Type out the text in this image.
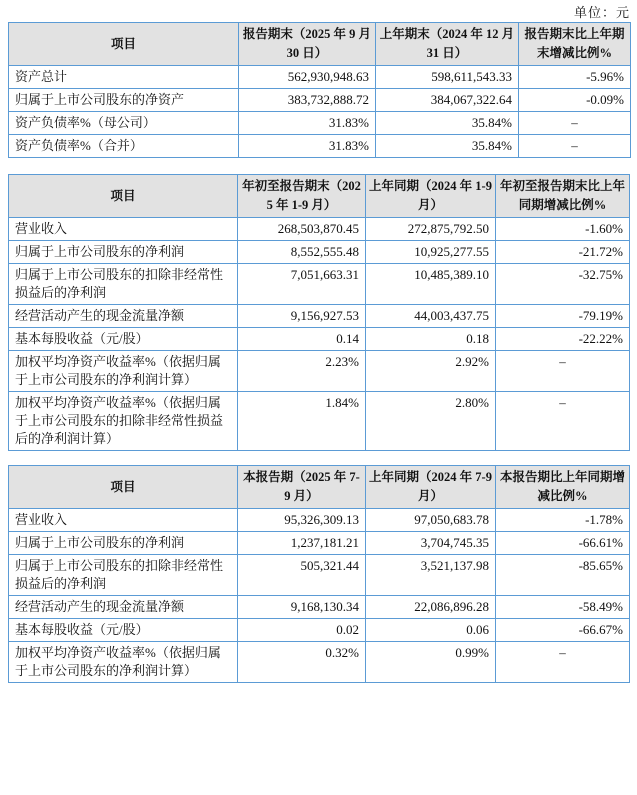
单位：元
项目	报告期末（2025 年 9 月 30 日）	上年期末（2024 年 12 月 31 日）	报告期末比上年期末增减比例%
资产总计	562,930,948.63	598,611,543.33	-5.96%
归属于上市公司股东的净资产	383,732,888.72	384,067,322.64	-0.09%
资产负债率%（母公司）	31.83%	35.84%	–
资产负债率%（合并）	31.83%	35.84%	–
项目	年初至报告期末（2025 年 1-9 月）	上年同期（2024 年 1-9 月）	年初至报告期末比上年同期增减比例%
营业收入	268,503,870.45	272,875,792.50	-1.60%
归属于上市公司股东的净利润	8,552,555.48	10,925,277.55	-21.72%
归属于上市公司股东的扣除非经常性损益后的净利润	7,051,663.31	10,485,389.10	-32.75%
经营活动产生的现金流量净额	9,156,927.53	44,003,437.75	-79.19%
基本每股收益（元/股）	0.14	0.18	-22.22%
加权平均净资产收益率%（依据归属于上市公司股东的净利润计算）	2.23%	2.92%	–
加权平均净资产收益率%（依据归属于上市公司股东的扣除非经常性损益后的净利润计算）	1.84%	2.80%	–
项目	本报告期（2025 年 7-9 月）	上年同期（2024 年 7-9 月）	本报告期比上年同期增减比例%
营业收入	95,326,309.13	97,050,683.78	-1.78%
归属于上市公司股东的净利润	1,237,181.21	3,704,745.35	-66.61%
归属于上市公司股东的扣除非经常性损益后的净利润	505,321.44	3,521,137.98	-85.65%
经营活动产生的现金流量净额	9,168,130.34	22,086,896.28	-58.49%
基本每股收益（元/股）	0.02	0.06	-66.67%
加权平均净资产收益率%（依据归属于上市公司股东的净利润计算）	0.32%	0.99%	–
